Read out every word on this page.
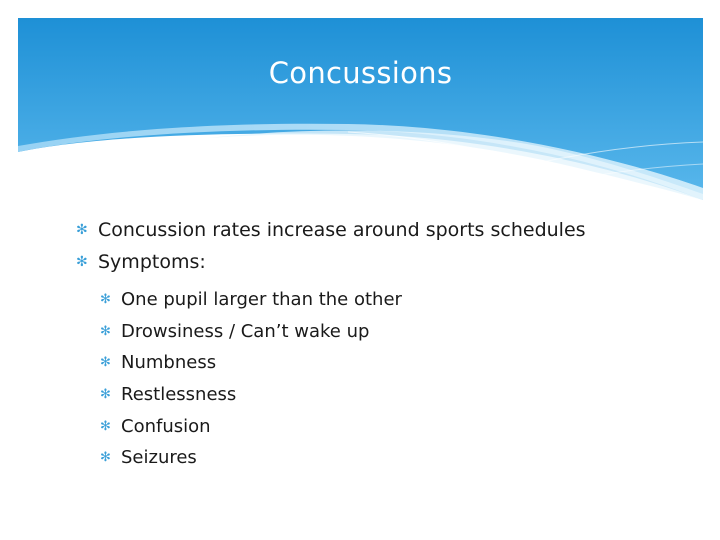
Concussions
✻ Concussion rates increase around sports schedules
✻ Symptoms:
✻ One pupil larger than the other
✻ Drowsiness / Can’t wake up
✻ Numbness
✻ Restlessness
✻ Confusion
✻ Seizures
